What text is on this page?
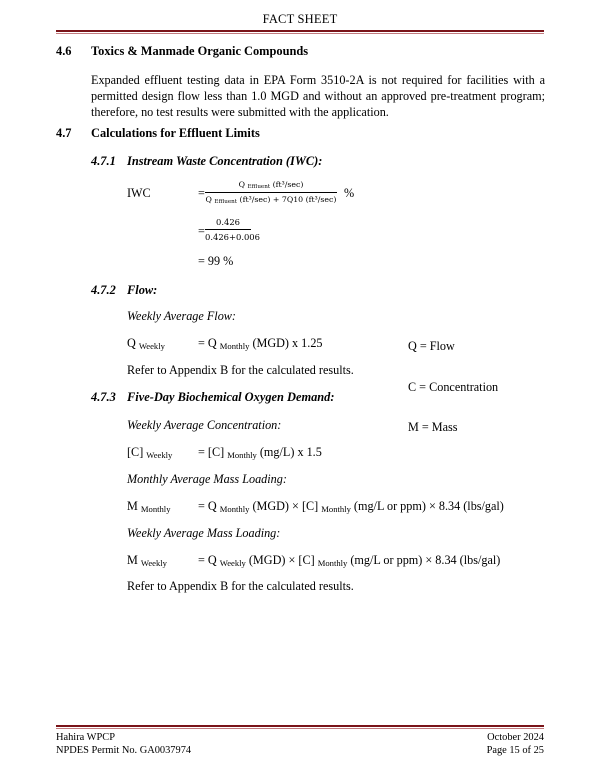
FACT SHEET
4.6 Toxics & Manmade Organic Compounds
Expanded effluent testing data in EPA Form 3510-2A is not required for facilities with a permitted design flow less than 1.0 MGD and without an approved pre-treatment program; therefore, no test results were submitted with the application.
4.7 Calculations for Effluent Limits
4.7.1 Instream Waste Concentration (IWC):
IWC	=
Q Effluent (ft³/sec)
Q Effluent (ft³/sec) + 7Q10 (ft³/sec) %
=
0.426
0.426+0.006
= 99 %
4.7.2 Flow:
Weekly Average Flow:
Q $_{Weekly}$	= Q $_{Monthly}$ (MGD) x 1.25

	Q = Flow

C = Concentration

M = Mass

Refer to Appendix B for the calculated results.
4.7.3 Five-Day Biochemical Oxygen Demand:
Weekly Average Concentration:
[C] $_{Weekly}$ = [C] $_{Monthly}$ (mg/L) x 1.5
Monthly Average Mass Loading:
M $_{Monthly}$ = Q $_{Monthly}$ (MGD) × [C] $_{Monthly}$ (mg/L or ppm) × 8.34 (lbs/gal)
Weekly Average Mass Loading:
M $_{Weekly}$	= Q $_{Weekly}$ (MGD) × [C] $_{Monthly}$ (mg/L or ppm) × 8.34 (lbs/gal)
Refer to Appendix B for the calculated results.
Hahira WPCP
NPDES Permit No. GA0037974
October 2024
Page 15 of 25
